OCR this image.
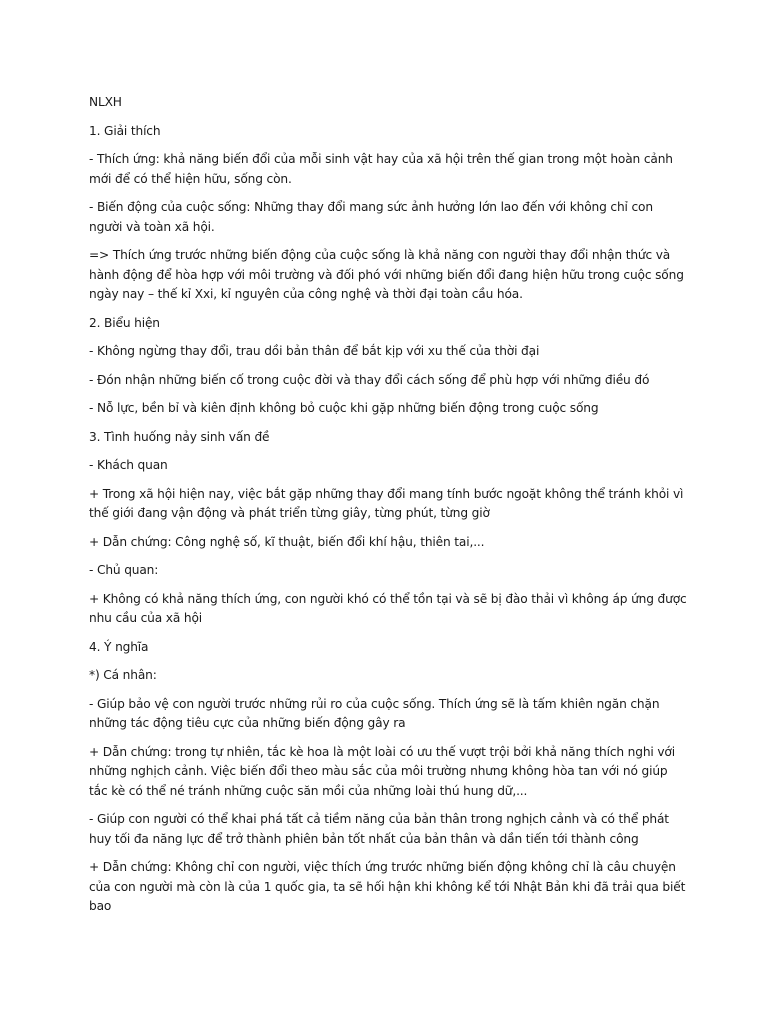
NLXH

1. Giải thích

- Thích ứng: khả năng biến đổi của mỗi sinh vật hay của xã hội trên thế gian trong một hoàn cảnh mới để có thể hiện hữu, sống còn.

- Biến động của cuộc sống: Những thay đổi mang sức ảnh hưởng lớn lao đến với không chỉ con người và toàn xã hội.

=> Thích ứng trước những biến động của cuộc sống là khả năng con người thay đổi nhận thức và hành động để hòa hợp với môi trường và đối phó với những biến đổi đang hiện hữu trong cuộc sống ngày nay – thế kỉ Xxi, kỉ nguyên của công nghệ và thời đại toàn cầu hóa.

2. Biểu hiện

- Không ngừng thay đổi, trau dồi bản thân để bắt kịp với xu thế của thời đại

- Đón nhận những biến cố trong cuộc đời và thay đổi cách sống để phù hợp với những điều đó

- Nỗ lực, bền bỉ và kiên định không bỏ cuộc khi gặp những biến động trong cuộc sống

3. Tình huống nảy sinh vấn đề

- Khách quan

+ Trong xã hội hiện nay, việc bắt gặp những thay đổi mang tính bước ngoặt không thể tránh khỏi vì thế giới đang vận động và phát triển từng giây, từng phút, từng giờ

+ Dẫn chứng: Công nghệ số, kĩ thuật, biến đổi khí hậu, thiên tai,...

- Chủ quan:

+ Không có khả năng thích ứng, con người khó có thể tồn tại và sẽ bị đào thải vì không áp ứng được nhu cầu của xã hội

4. Ý nghĩa

*) Cá nhân:

- Giúp bảo vệ con người trước những rủi ro của cuộc sống. Thích ứng sẽ là tấm khiên ngăn chặn những tác động tiêu cực của những biến động gây ra

+ Dẫn chứng: trong tự nhiên, tắc kè hoa là một loài có ưu thế vượt trội bởi khả năng thích nghi với những nghịch cảnh. Việc biến đổi theo màu sắc của môi trường nhưng không hòa tan với nó giúp tắc kè có thể né tránh những cuộc săn mồi của những loài thú hung dữ,...

- Giúp con người có thể khai phá tất cả tiềm năng của bản thân trong nghịch cảnh và có thể phát huy tối đa năng lực để trở thành phiên bản tốt nhất của bản thân và dần tiến tới thành công

+ Dẫn chứng: Không chỉ con người, việc thích ứng trước những biến động không chỉ là câu chuyện của con người mà còn là của 1 quốc gia, ta sẽ hối hận khi không kể tới Nhật Bản khi đã trải qua biết bao
